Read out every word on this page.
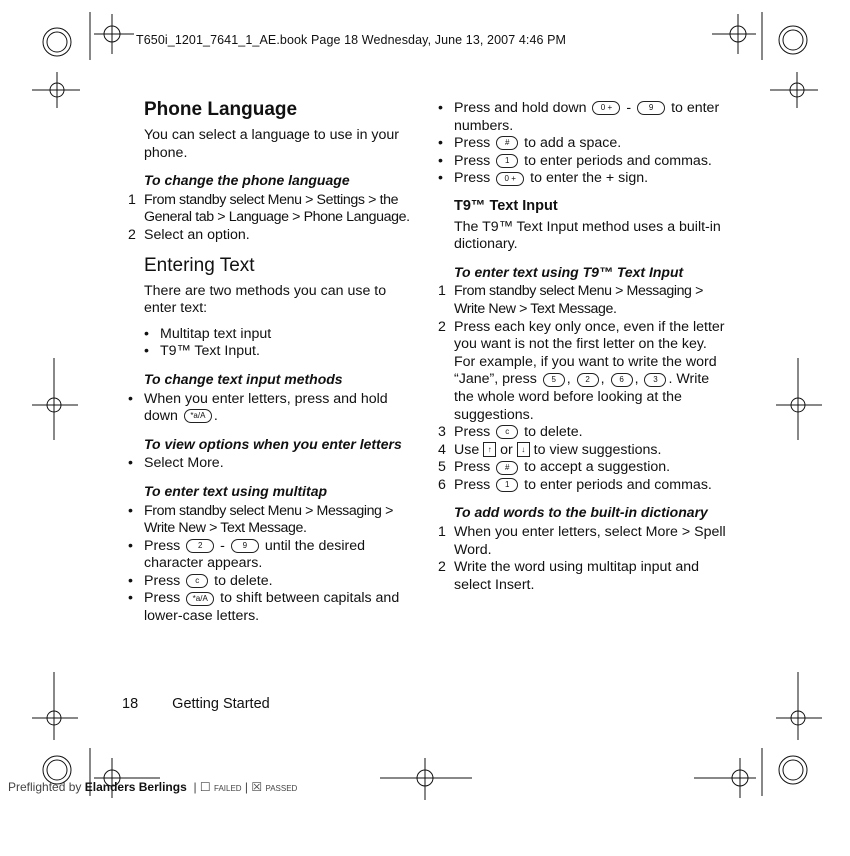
T650i_1201_7641_1_AE.book Page 18 Wednesday, June 13, 2007 4:46 PM
Phone Language

You can select a language to use in your phone.

To change the phone language
1 From standby select Menu > Settings > the General tab > Language > Phone Language.
2 Select an option.
Entering Text

There are two methods you can use to enter text:

• Multitap text input
• T9™ Text Input.
To change text input methods
• When you enter letters, press and hold down *a/A .
To view options when you enter letters
• Select More.
To enter text using multitap
• From standby select Menu > Messaging > Write New > Text Message.
• Press 2 - 9 until the desired character appears.
• Press c to delete.
• Press *a/A to shift between capitals and lower-case letters.
• Press and hold down 0 + - 9 to enter numbers.
• Press # to add a space.
• Press 1 to enter periods and commas.
• Press 0 + to enter the + sign.
T9™ Text Input

The T9™ Text Input method uses a built-in dictionary.

To enter text using T9™ Text Input
1 From standby select Menu > Messaging > Write New > Text Message.
2 Press each key only once, even if the letter you want is not the first letter on the key. For example, if you want to write the word “Jane”, press 5 , 2 , 6 , 3 . Write the whole word before looking at the suggestions.
3 Press c to delete.
4 Use ↑ or ↓ to view suggestions.
5 Press # to accept a suggestion.
6 Press 1 to enter periods and commas.
To add words to the built-in dictionary
1 When you enter letters, select More > Spell Word.
2 Write the word using multitap input and select Insert.
18 Getting Started
Preflighted by Elanders Berlings  | ☐ FAILED | ☒ PASSED
